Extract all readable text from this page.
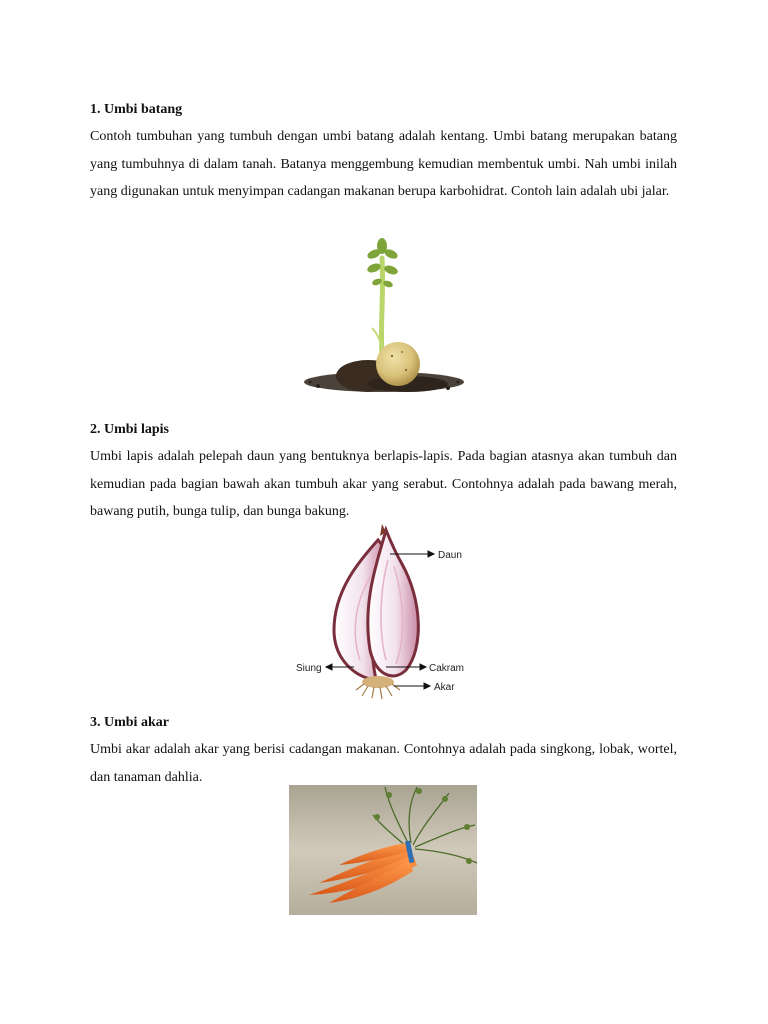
1. Umbi batang

Contoh tumbuhan yang tumbuh dengan umbi batang adalah kentang. Umbi batang merupakan batang yang tumbuhnya di dalam tanah. Batanya menggembung kemudian membentuk umbi. Nah umbi inilah yang digunakan untuk menyimpan cadangan makanan berupa karbohidrat. Contoh lain adalah ubi jalar.

2. Umbi lapis

Umbi lapis adalah pelepah daun yang bentuknya berlapis-lapis. Pada bagian atasnya akan tumbuh dan kemudian pada bagian bawah akan tumbuh akar yang serabut. Contohnya adalah pada bawang merah, bawang putih, bunga tulip, dan bunga bakung.

Daun
Siung	Cakram
Akar
3. Umbi akar

Umbi akar adalah akar yang berisi cadangan makanan. Contohnya adalah pada singkong, lobak, wortel, dan tanaman dahlia.
